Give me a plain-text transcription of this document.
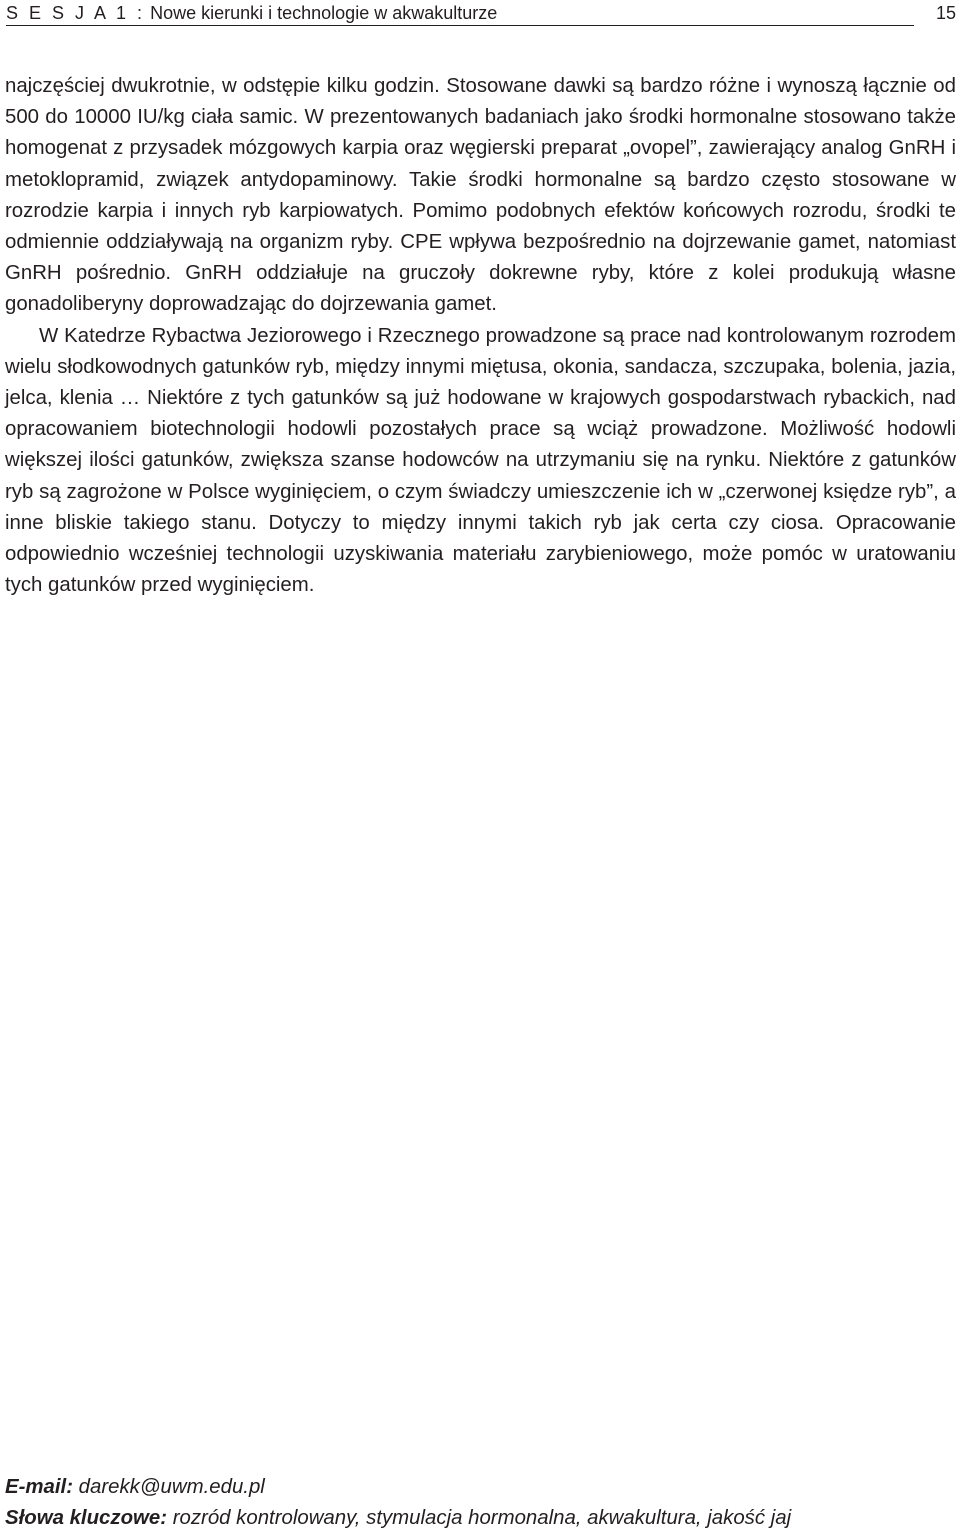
S E S J A 1 : Nowe kierunki i technologie w akwakulturze	15

najczęściej dwukrotnie, w odstępie kilku godzin. Stosowane dawki są bardzo różne i wynoszą łącznie od 500 do 10000 IU/kg ciała samic. W prezentowanych badaniach jako środki hormonalne stosowano także homogenat z przysadek mózgowych karpia oraz węgierski preparat „ovopel”, zawierający analog GnRH i metoklopramid, związek antydopaminowy. Takie środki hormonalne są bardzo często stosowane w rozrodzie karpia i innych ryb karpiowatych. Pomimo podobnych efektów końcowych rozrodu, środki te odmiennie oddziaływają na organizm ryby. CPE wpływa bezpośrednio na dojrzewanie gamet, natomiast GnRH pośrednio. GnRH oddziałuje na gruczoły dokrewne ryby, które z kolei produkują własne gonadoliberyny doprowadzając do dojrzewania gamet.

W Katedrze Rybactwa Jeziorowego i Rzecznego prowadzone są prace nad kontrolowanym rozrodem wielu słodkowodnych gatunków ryb, między innymi miętusa, okonia, sandacza, szczupaka, bolenia, jazia, jelca, klenia … Niektóre z tych gatunków są już hodowane w krajowych gospodarstwach rybackich, nad opracowaniem biotechnologii hodowli pozostałych prace są wciąż prowadzone. Możliwość hodowli większej ilości gatunków, zwiększa szanse hodowców na utrzymaniu się na rynku. Niektóre z gatunków ryb są zagrożone w Polsce wyginięciem, o czym świadczy umieszczenie ich w „czerwonej księdze ryb”, a inne bliskie takiego stanu. Dotyczy to między innymi takich ryb jak certa czy ciosa. Opracowanie odpowiednio wcześniej technologii uzyskiwania materiału zarybieniowego, może pomóc w uratowaniu tych gatunków przed wyginięciem.

E-mail: darekk@uwm.edu.pl
Słowa kluczowe: rozród kontrolowany, stymulacja hormonalna, akwakultura, jakość jaj
